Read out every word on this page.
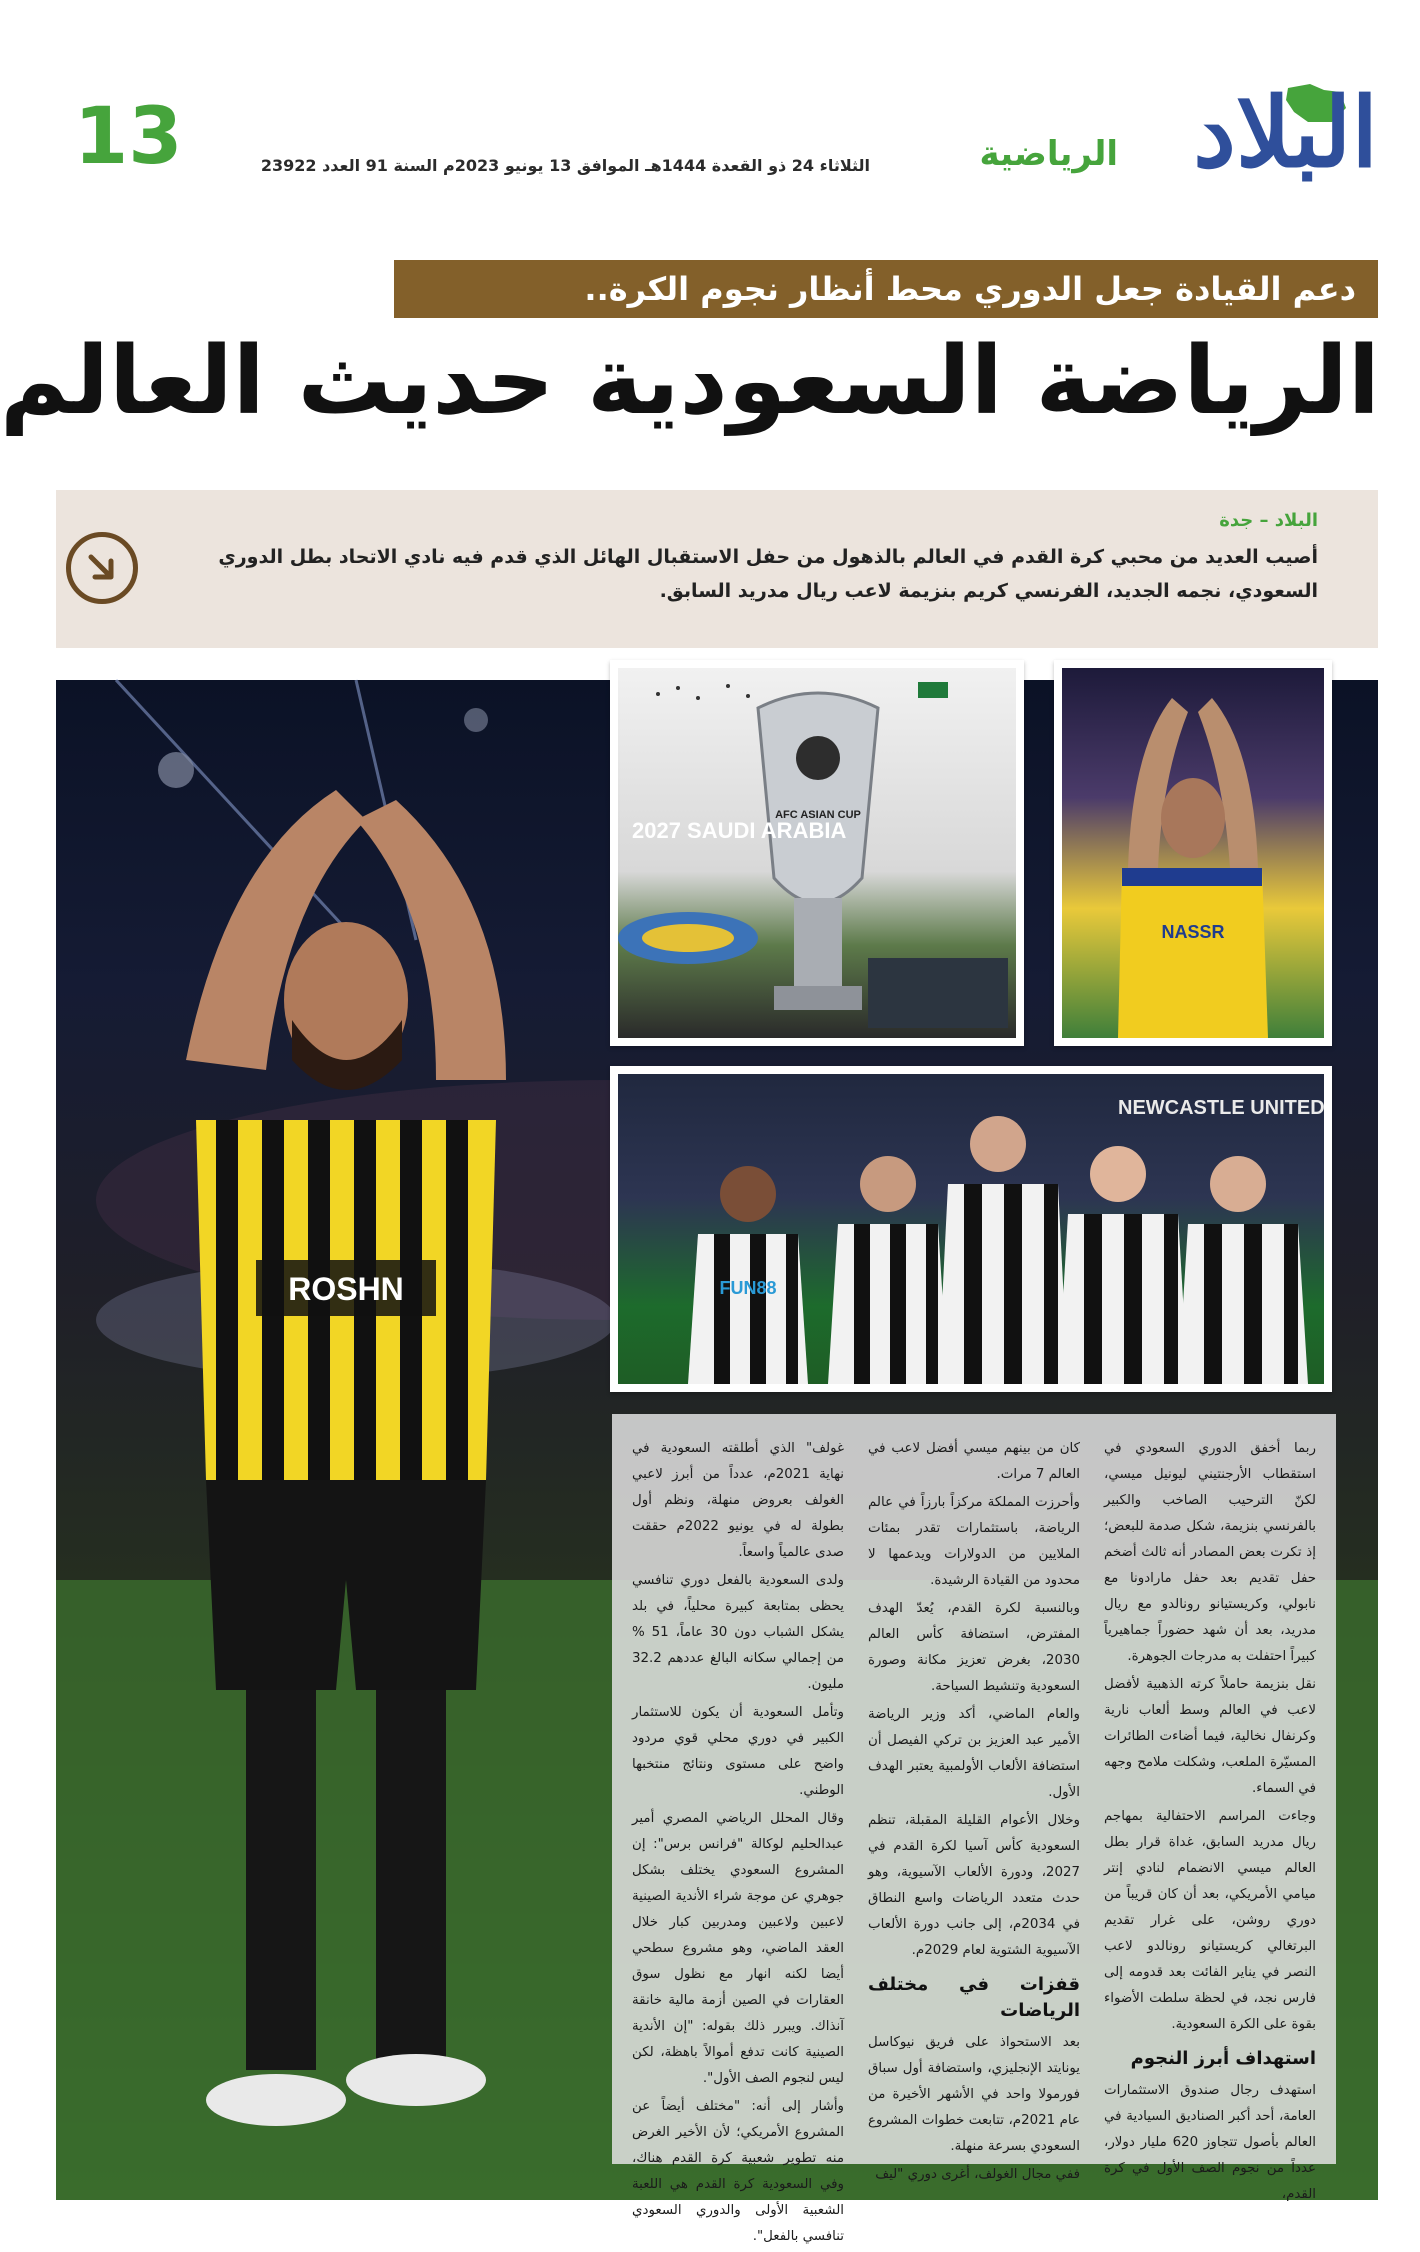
13	الثلاثاء 24 ذو القعدة 1444هـ الموافق 13 يونيو 2023م السنة 91 العدد 23922	البلاد
الرياضية
دعم القيادة جعل الدوري محط أنظار نجوم الكرة..
الرياضة السعودية حديث العالم
البلاد – جدة
أصيب العديد من محبي كرة القدم في العالم بالذهول من حفل الاستقبال الهائل الذي قدم فيه نادي الاتحاد بطل الدوري السعودي، نجمه الجديد، الفرنسي كريم بنزيمة لاعب ريال مدريد السابق.
ROSHN
AFC ASIAN CUP
2027 SAUDI ARABIA
NASSR
NEWCASTLE UNITED
FUN88

ربما أخفق الدوري السعودي في استقطاب الأرجنتيني ليونيل ميسي، لكنّ الترحيب الصاخب والكبير بالفرنسي بنزيمة، شكل صدمة للبعض؛ إذ تكرت بعض المصادر أنه ثالث أضخم حفل تقديم بعد حفل مارادونا مع نابولي، وكريستيانو رونالدو مع ريال مدريد، بعد أن شهد حضوراً جماهيرياً كبيراً احتفلت به مدرجات الجوهرة.

نقل بنزيمة حاملاً كرته الذهبية لأفضل لاعب في العالم وسط ألعاب نارية وكرنفال نخالية، فيما أضاءت الطائرات المسيّرة الملعب، وشكلت ملامح وجهه في السماء.

وجاءت المراسم الاحتفالية بمهاجم ريال مدريد السابق، غداة قرار بطل العالم ميسي الانضمام لنادي إنتر ميامي الأمريكي، بعد أن كان قريباً من دوري روشن، على غرار تقديم البرتغالي كريستيانو رونالدو لاعب النصر في يناير الفائت بعد قدومه إلى فارس نجد، في لحظة سلطت الأضواء بقوة على الكرة السعودية.

استهداف أبرز النجوم

استهدف رجال صندوق الاستثمارات العامة، أحد أكبر الصناديق السيادية في العالم بأصول تتجاوز 620 مليار دولار، عدداً من نجوم الصف الأول في كرة القدم،

كان من بينهم ميسي أفضل لاعب في العالم 7 مرات.

وأحرزت المملكة مركزاً بارزاً في عالم الرياضة، باستثمارات تقدر بمئات الملايين من الدولارات ويدعمها لا محدود من القيادة الرشيدة.

وبالنسبة لكرة القدم، يُعدّ الهدف المفترض، استضافة كأس العالم 2030، بغرض تعزيز مكانة وصورة السعودية وتنشيط السياحة.

والعام الماضي، أكد وزير الرياضة الأمير عبد العزيز بن تركي الفيصل أن استضافة الألعاب الأولمبية يعتبر الهدف الأول.

وخلال الأعوام القليلة المقبلة، تنظم السعودية كأس آسيا لكرة القدم في 2027، ودورة الألعاب الآسيوية، وهو حدث متعدد الرياضات واسع النطاق في 2034م، إلى جانب دورة الألعاب الآسيوية الشتوية لعام 2029م.

قفزات في مختلف الرياضات

بعد الاستحواذ على فريق نيوكاسل يونايتد الإنجليزي، واستضافة أول سباق فورمولا واحد في الأشهر الأخيرة من عام 2021م، تتابعت خطوات المشروع السعودي بسرعة منهلة.

ففي مجال الغولف، أغرى دوري "ليف

غولف" الذي أطلقته السعودية في نهاية 2021م، عدداً من أبرز لاعبي الغولف بعروض منهلة، ونظم أول بطولة له في يونيو 2022م حققت صدى عالمياً واسعاً.

ولدى السعودية بالفعل دوري تنافسي يحظى بمتابعة كبيرة محلياً، في بلد يشكل الشباب دون 30 عاماً، 51 % من إجمالي سكانه البالغ عددهم 32.2 مليون.

وتأمل السعودية أن يكون للاستثمار الكبير في دوري محلي قوي مردود واضح على مستوى ونتائج منتخبها الوطني.

وقال المحلل الرياضي المصري أمير عبدالحليم لوكالة "فرانس برس": إن المشروع السعودي يختلف بشكل جوهري عن موجة شراء الأندية الصينية لاعبين ولاعبين ومدربين كبار خلال العقد الماضي، وهو مشروع سطحي أيضا لكنه انهار مع نظول سوق العقارات في الصين أزمة مالية خانقة آنذاك. ويبرر ذلك بقوله: "إن الأندية الصينية كانت تدفع أموالاً باهظة، لكن ليس لنجوم الصف الأول".

وأشار إلى أنه: "مختلف أيضاً عن المشروع الأمريكي؛ لأن الأخير الغرض منه تطوير شعبية كرة القدم هناك، وفي السعودية كرة القدم هي اللعبة الشعبية الأولى والدوري السعودي تنافسي بالفعل".
